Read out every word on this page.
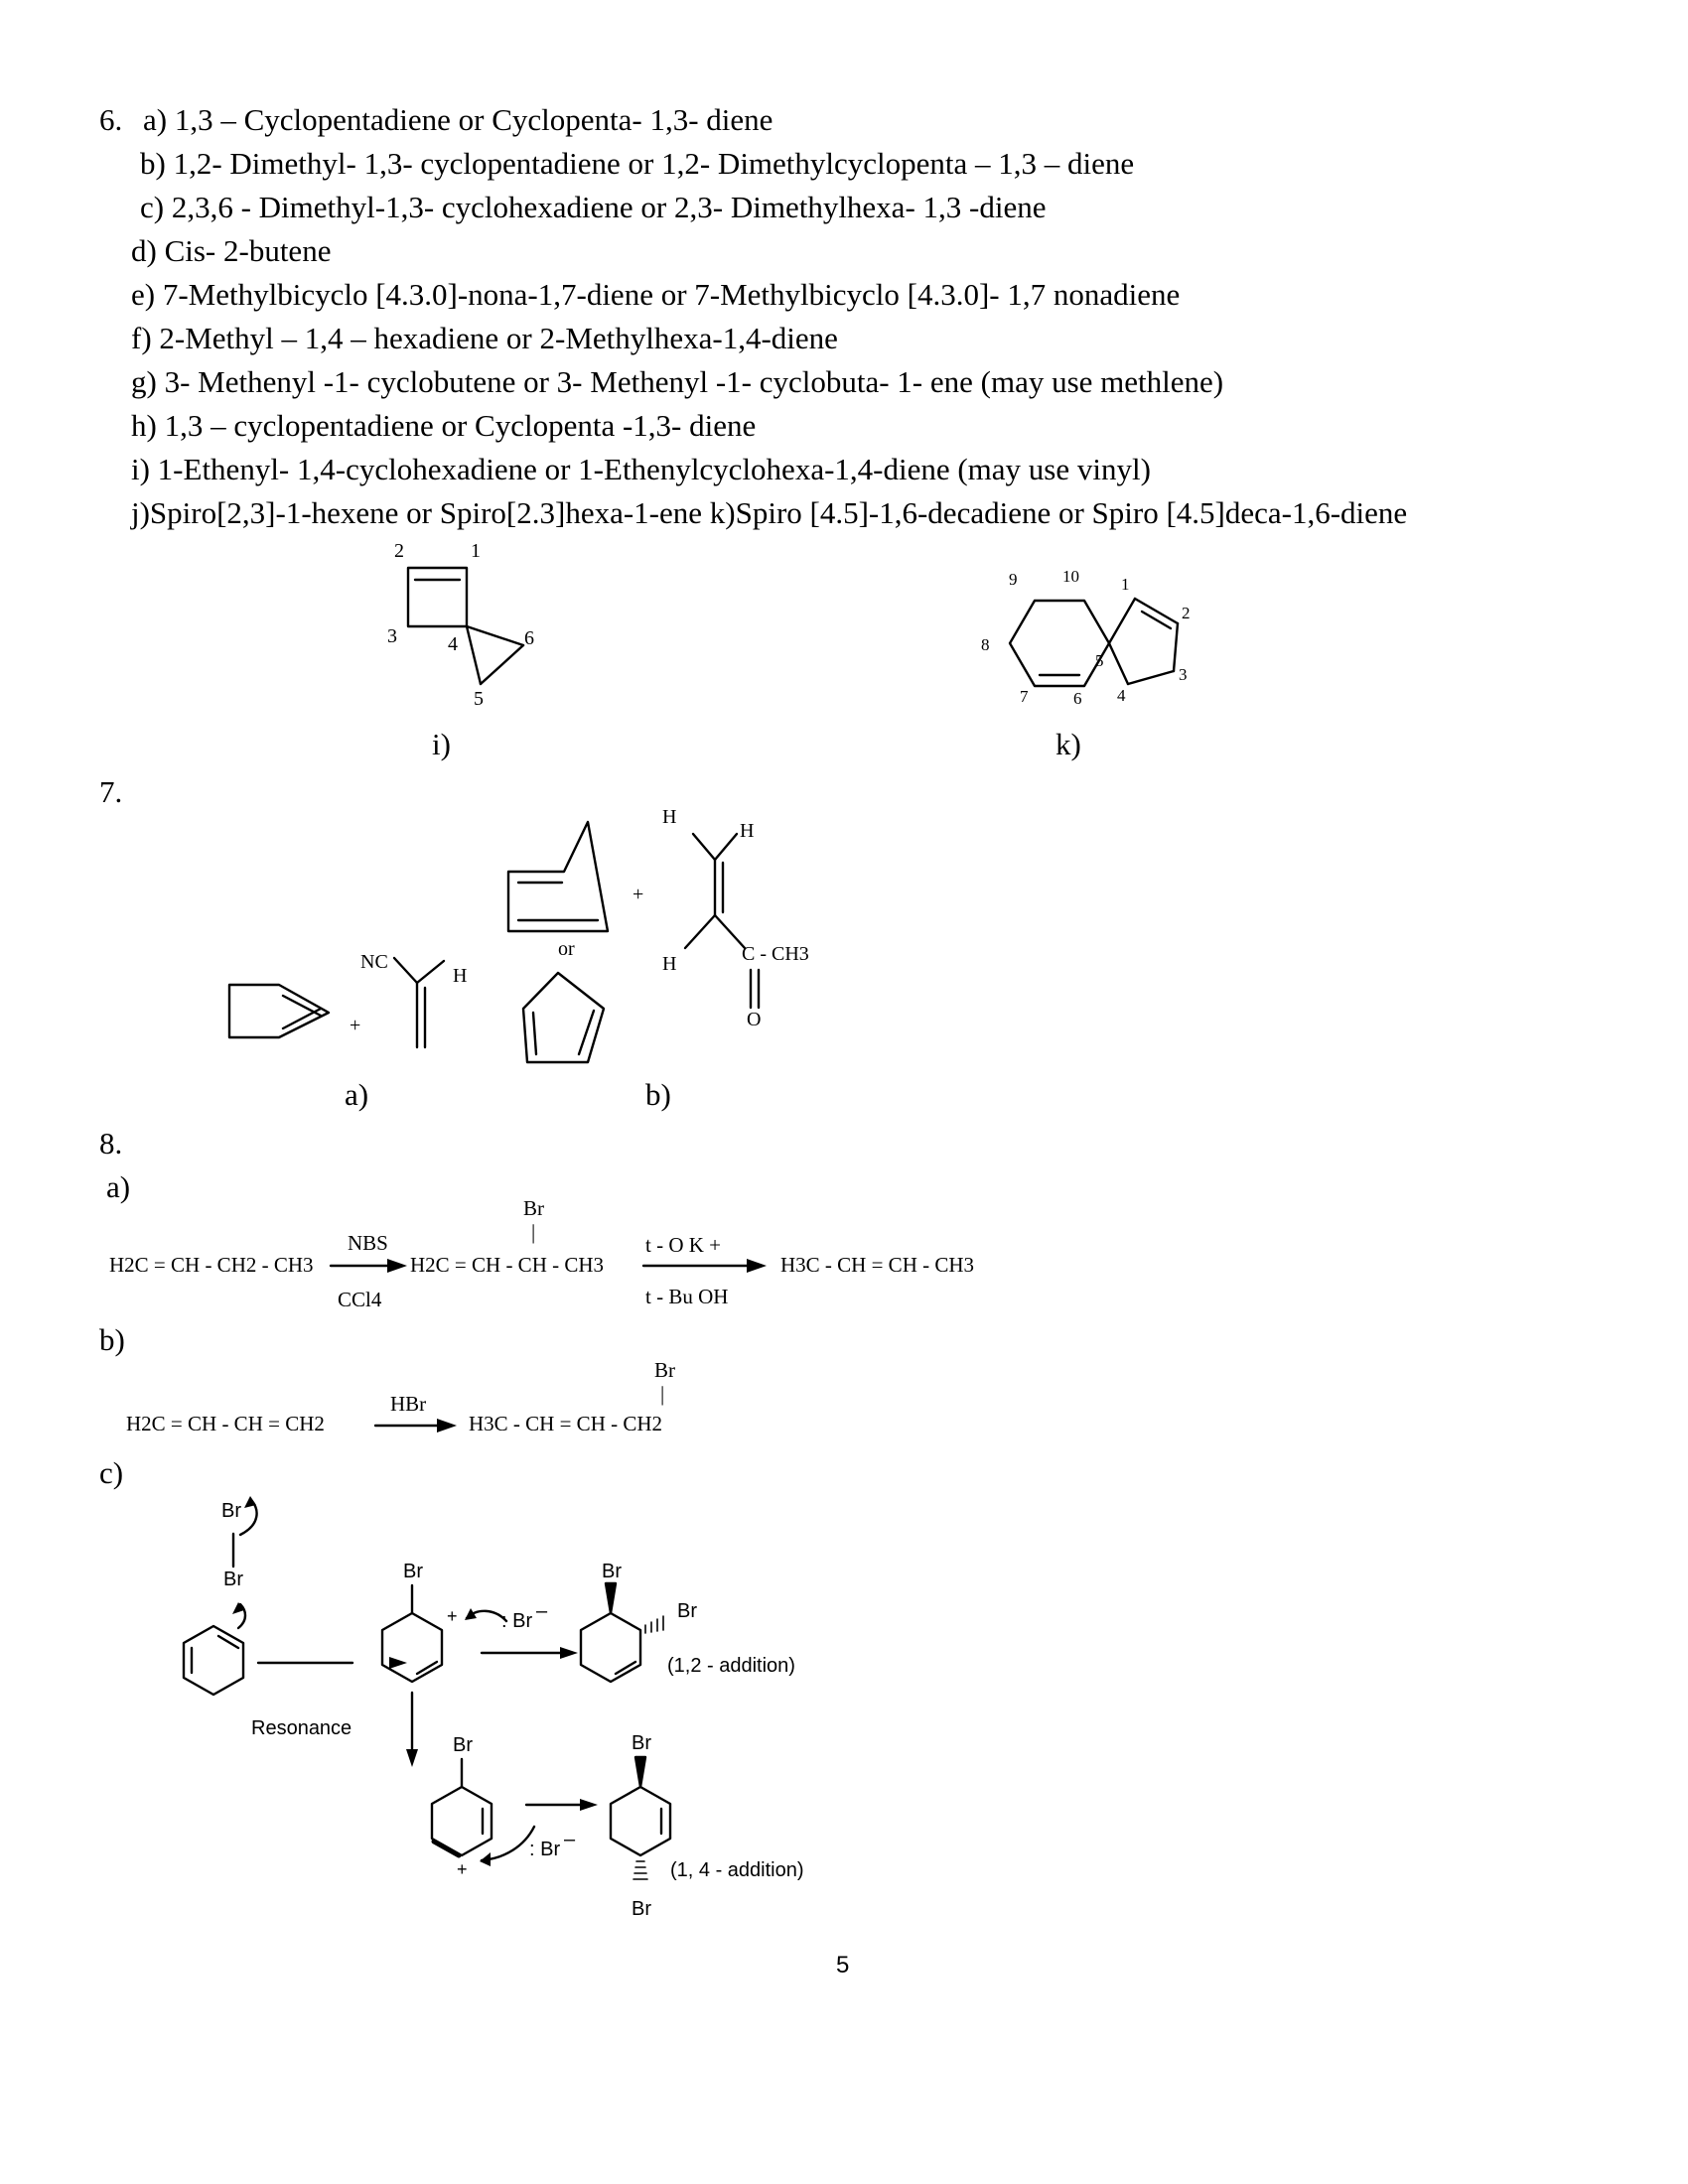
6. a) 1,3 – Cyclopentadiene or Cyclopenta- 1,3- diene
b) 1,2- Dimethyl- 1,3- cyclopentadiene or 1,2- Dimethylcyclopenta – 1,3 – diene
c) 2,3,6 - Dimethyl-1,3- cyclohexadiene or 2,3- Dimethylhexa- 1,3 -diene
d) Cis- 2-butene
e) 7-Methylbicyclo [4.3.0]-nona-1,7-diene or 7-Methylbicyclo [4.3.0]- 1,7 nonadiene
f) 2-Methyl – 1,4 – hexadiene or 2-Methylhexa-1,4-diene
g) 3- Methenyl -1- cyclobutene or 3- Methenyl -1- cyclobuta- 1- ene (may use methlene)
h) 1,3 – cyclopentadiene or Cyclopenta -1,3- diene
i) 1-Ethenyl- 1,4-cyclohexadiene or 1-Ethenylcyclohexa-1,4-diene (may use vinyl)
j)Spiro[2,3]-1-hexene or Spiro[2.3]hexa-1-ene k)Spiro [4.5]-1,6-decadiene or Spiro [4.5]deca-1,6-diene
2	1
3	4	6
5
i)
9	10 1
2
8
5
3
7	6 4
k)
7.
+
NC
H
a)
or
+
H
H
H	C - CH3
O
b)
8.
a)
H2C = CH - CH2 - CH3
NBS
CCl4
Br
|
H2C = CH - CH - CH3
t - O K +
t - Bu OH
H3C - CH = CH - CH3
b)
H2C = CH - CH = CH2
HBr
Br
|
H3C - CH = CH - CH2
c)
Br
Br	Br
+ : Br –
Br
Br
(1,2 - addition)
Resonance
Br
+
: Br –
Br
(1, 4 - addition)
Br
5
